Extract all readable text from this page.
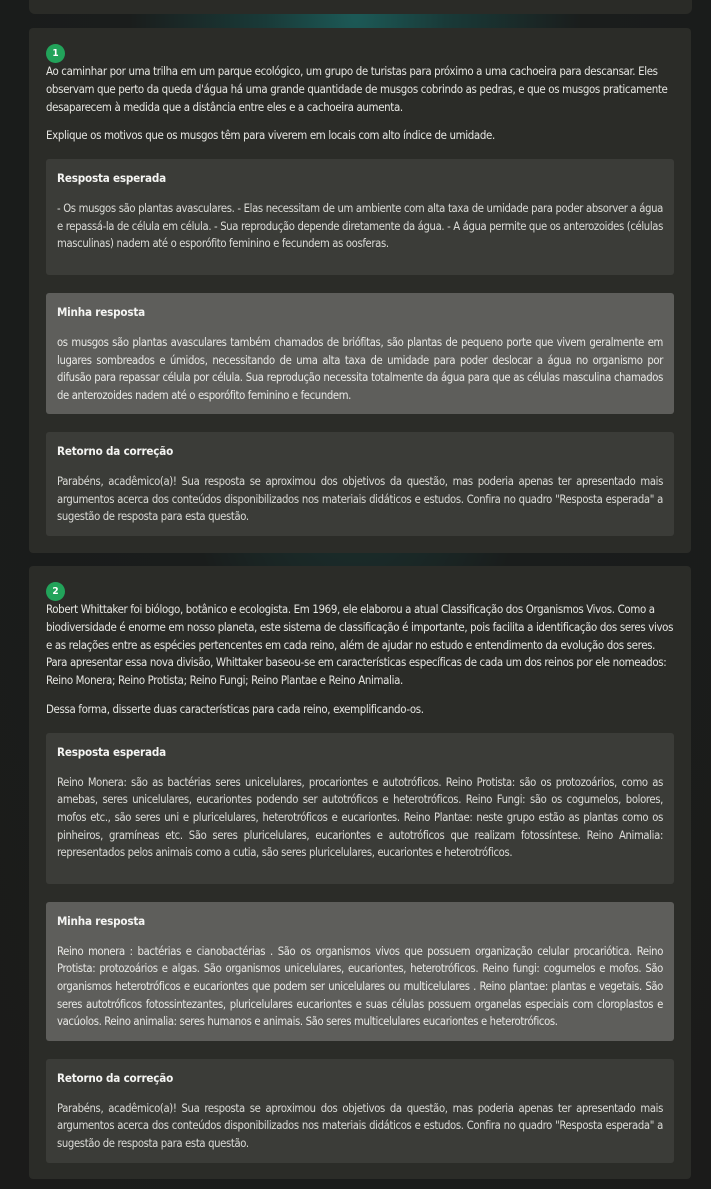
1

Ao caminhar por uma trilha em um parque ecológico, um grupo de turistas para próximo a uma cachoeira para descansar. Eles observam que perto da queda d'água há uma grande quantidade de musgos cobrindo as pedras, e que os musgos praticamente desaparecem à medida que a distância entre eles e a cachoeira aumenta.

Explique os motivos que os musgos têm para viverem em locais com alto índice de umidade.

Resposta esperada
- Os musgos são plantas avasculares. - Elas necessitam de um ambiente com alta taxa de umidade para poder absorver a água e repassá-la de célula em célula. - Sua reprodução depende diretamente da água. - A água permite que os anterozoides (células masculinas) nadem até o esporófito feminino e fecundem as oosferas.
Minha resposta
os musgos são plantas avasculares também chamados de briófitas, são plantas de pequeno porte que vivem geralmente em lugares sombreados e úmidos, necessitando de uma alta taxa de umidade para poder deslocar a água no organismo por difusão para repassar célula por célula. Sua reprodução necessita totalmente da água para que as células masculina chamados de anterozoides nadem até o esporófito feminino e fecundem.
Retorno da correção
Parabéns, acadêmico(a)! Sua resposta se aproximou dos objetivos da questão, mas poderia apenas ter apresentado mais argumentos acerca dos conteúdos disponibilizados nos materiais didáticos e estudos. Confira no quadro "Resposta esperada" a sugestão de resposta para esta questão.
2

Robert Whittaker foi biólogo, botânico e ecologista. Em 1969, ele elaborou a atual Classificação dos Organismos Vivos. Como a biodiversidade é enorme em nosso planeta, este sistema de classificação é importante, pois facilita a identificação dos seres vivos e as relações entre as espécies pertencentes em cada reino, além de ajudar no estudo e entendimento da evolução dos seres. Para apresentar essa nova divisão, Whittaker baseou-se em características específicas de cada um dos reinos por ele nomeados: Reino Monera; Reino Protista; Reino Fungi; Reino Plantae e Reino Animalia.

Dessa forma, disserte duas características para cada reino, exemplificando-os.

Resposta esperada
Reino Monera: são as bactérias seres unicelulares, procariontes e autotróficos. Reino Protista: são os protozoários, como as amebas, seres unicelulares, eucariontes podendo ser autotróficos e heterotróficos. Reino Fungi: são os cogumelos, bolores, mofos etc., são seres uni e pluricelulares, heterotróficos e eucariontes. Reino Plantae: neste grupo estão as plantas como os pinheiros, gramíneas etc. São seres pluricelulares, eucariontes e autotróficos que realizam fotossíntese. Reino Animalia: representados pelos animais como a cutia, são seres pluricelulares, eucariontes e heterotróficos.
Minha resposta
Reino monera : bactérias e cianobactérias . São os organismos vivos que possuem organização celular procariótica. Reino Protista: protozoários e algas. São organismos unicelulares, eucariontes, heterotróficos. Reino fungi: cogumelos e mofos. São organismos heterotróficos e eucariontes que podem ser unicelulares ou multicelulares . Reino plantae: plantas e vegetais. São seres autotróficos fotossintezantes, pluricelulares eucariontes e suas células possuem organelas especiais com cloroplastos e vacúolos. Reino animalia: seres humanos e animais. São seres multicelulares eucariontes e heterotróficos.
Retorno da correção
Parabéns, acadêmico(a)! Sua resposta se aproximou dos objetivos da questão, mas poderia apenas ter apresentado mais argumentos acerca dos conteúdos disponibilizados nos materiais didáticos e estudos. Confira no quadro "Resposta esperada" a sugestão de resposta para esta questão.
